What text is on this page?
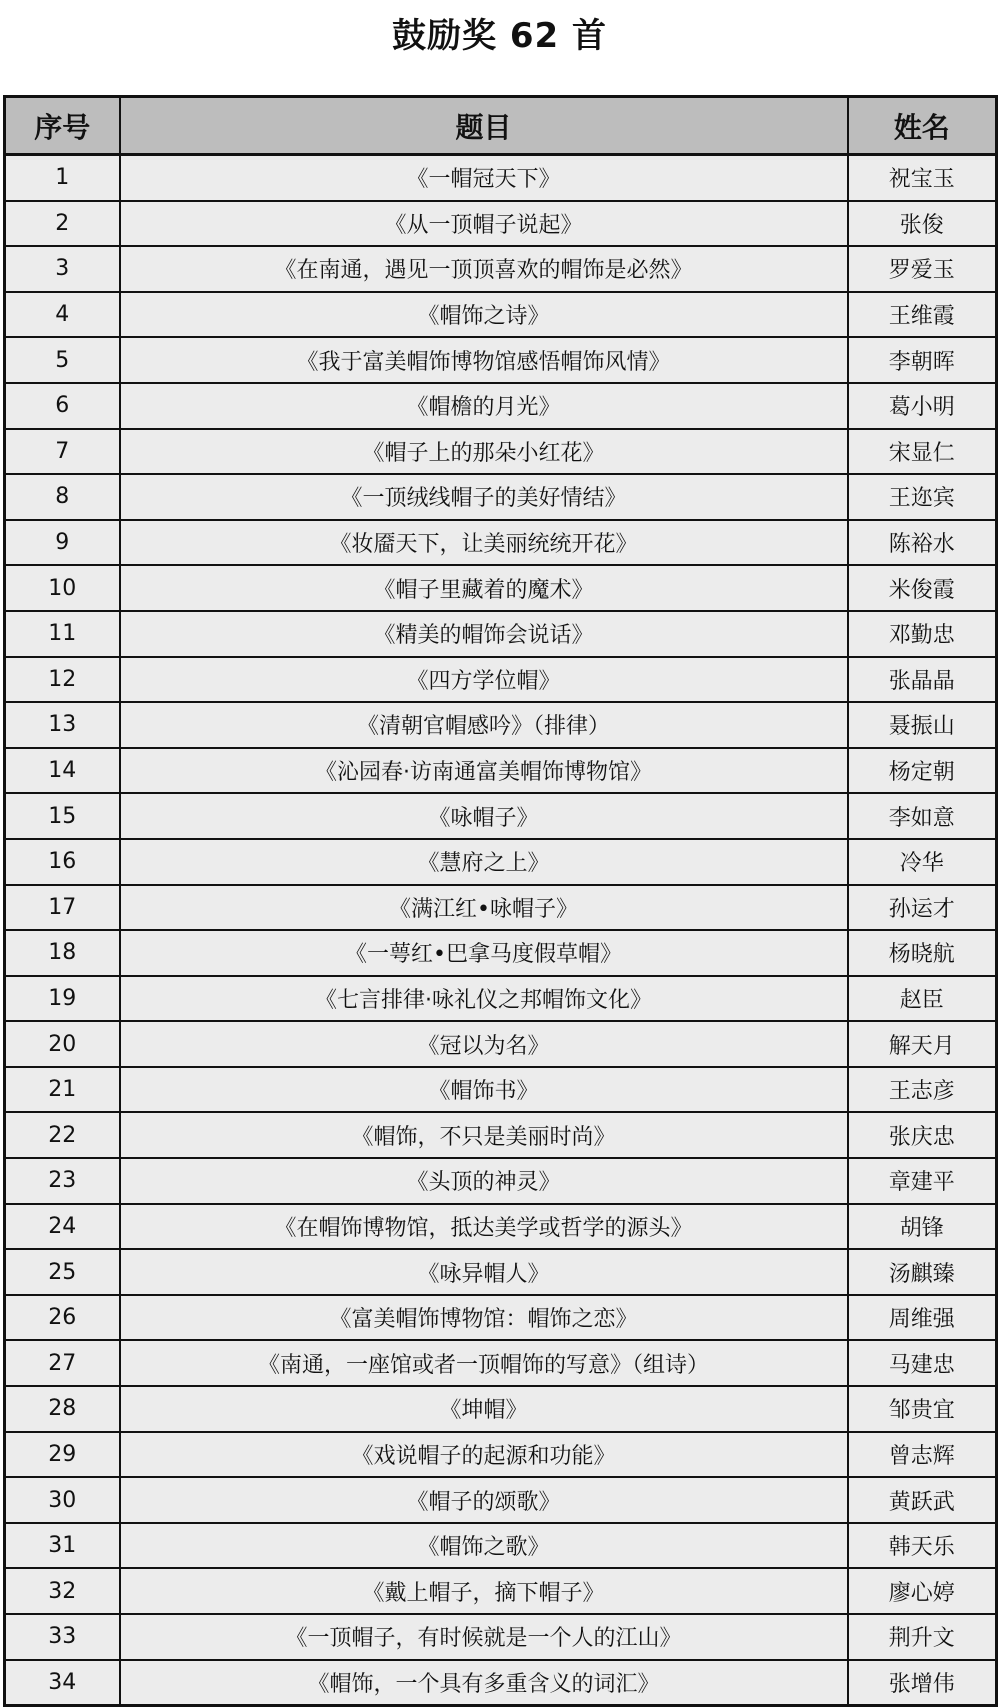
鼓励奖 62 首
序号	题目	姓名
1	《一帽冠天下》	祝宝玉
2	《从一顶帽子说起》	张俊
3	《在南通，遇见一顶顶喜欢的帽饰是必然》	罗爱玉
4	《帽饰之诗》	王维霞
5	《我于富美帽饰博物馆感悟帽饰风情》	李朝晖
6	《帽檐的月光》	葛小明
7	《帽子上的那朵小红花》	宋显仁
8	《一顶绒线帽子的美好情结》	王迩宾
9	《妆靥天下，让美丽统统开花》	陈裕水
10	《帽子里藏着的魔术》	米俊霞
11	《精美的帽饰会说话》	邓勤忠
12	《四方学位帽》	张晶晶
13	《清朝官帽感吟》（排律）	聂振山
14	《沁园春·访南通富美帽饰博物馆》	杨定朝
15	《咏帽子》	李如意
16	《慧府之上》	冷华
17	《满江红•咏帽子》	孙运才
18	《一萼红•巴拿马度假草帽》	杨晓航
19	《七言排律·咏礼仪之邦帽饰文化》	赵臣
20	《冠以为名》	解天月
21	《帽饰书》	王志彦
22	《帽饰，不只是美丽时尚》	张庆忠
23	《头顶的神灵》	章建平
24	《在帽饰博物馆，抵达美学或哲学的源头》	胡锋
25	《咏异帽人》	汤麒臻
26	《富美帽饰博物馆：帽饰之恋》	周维强
27	《南通，一座馆或者一顶帽饰的写意》（组诗）	马建忠
28	《坤帽》	邹贵宜
29	《戏说帽子的起源和功能》	曾志辉
30	《帽子的颂歌》	黄跃武
31	《帽饰之歌》	韩天乐
32	《戴上帽子，摘下帽子》	廖心婷
33	《一顶帽子，有时候就是一个人的江山》	荆升文
34	《帽饰，一个具有多重含义的词汇》	张增伟
